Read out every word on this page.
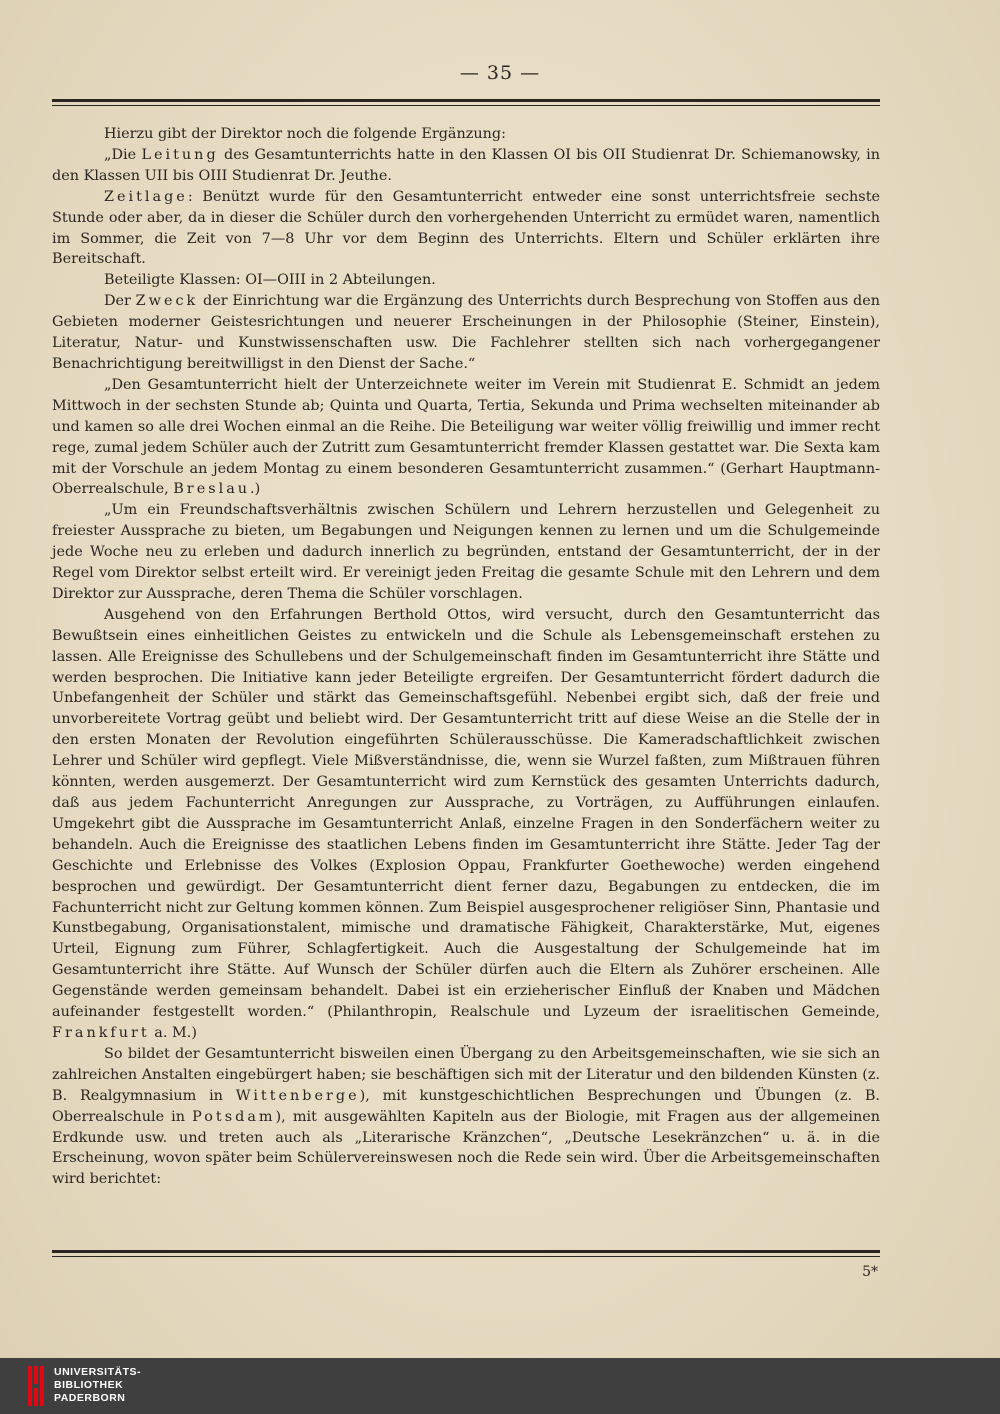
— 35 —

Hierzu gibt der Direktor noch die folgende Ergänzung:

„Die Leitung des Gesamtunterrichts hatte in den Klassen OI bis OII Studienrat Dr. Schiemanowsky, in den Klassen UII bis OIII Studienrat Dr. Jeuthe.

Zeitlage: Benützt wurde für den Gesamtunterricht entweder eine sonst unterrichtsfreie sechste Stunde oder aber, da in dieser die Schüler durch den vorhergehenden Unterricht zu ermüdet waren, namentlich im Sommer, die Zeit von 7—8 Uhr vor dem Beginn des Unterrichts. Eltern und Schüler erklärten ihre Bereitschaft.

Beteiligte Klassen: OI—OIII in 2 Abteilungen.

Der Zweck der Einrichtung war die Ergänzung des Unterrichts durch Besprechung von Stoffen aus den Gebieten moderner Geistesrichtungen und neuerer Erscheinungen in der Philosophie (Steiner, Einstein), Literatur, Natur- und Kunstwissenschaften usw. Die Fachlehrer stellten sich nach vorhergegangener Benachrichtigung bereitwilligst in den Dienst der Sache.“

„Den Gesamtunterricht hielt der Unterzeichnete weiter im Verein mit Studienrat E. Schmidt an jedem Mittwoch in der sechsten Stunde ab; Quinta und Quarta, Tertia, Sekunda und Prima wechselten miteinander ab und kamen so alle drei Wochen einmal an die Reihe. Die Beteiligung war weiter völlig freiwillig und immer recht rege, zumal jedem Schüler auch der Zutritt zum Gesamtunterricht fremder Klassen gestattet war. Die Sexta kam mit der Vorschule an jedem Montag zu einem besonderen Gesamtunterricht zusammen.“ (Gerhart Hauptmann-Oberrealschule, Breslau.)

„Um ein Freundschaftsverhältnis zwischen Schülern und Lehrern herzustellen und Gelegenheit zu freiester Aussprache zu bieten, um Begabungen und Neigungen kennen zu lernen und um die Schulgemeinde jede Woche neu zu erleben und dadurch innerlich zu begründen, entstand der Gesamtunterricht, der in der Regel vom Direktor selbst erteilt wird. Er vereinigt jeden Freitag die gesamte Schule mit den Lehrern und dem Direktor zur Aussprache, deren Thema die Schüler vorschlagen.

Ausgehend von den Erfahrungen Berthold Ottos, wird versucht, durch den Gesamtunterricht das Bewußtsein eines einheitlichen Geistes zu entwickeln und die Schule als Lebensgemeinschaft erstehen zu lassen. Alle Ereignisse des Schullebens und der Schulgemeinschaft finden im Gesamtunterricht ihre Stätte und werden besprochen. Die Initiative kann jeder Beteiligte ergreifen. Der Gesamtunterricht fördert dadurch die Unbefangenheit der Schüler und stärkt das Gemeinschaftsgefühl. Nebenbei ergibt sich, daß der freie und unvorbereitete Vortrag geübt und beliebt wird. Der Gesamtunterricht tritt auf diese Weise an die Stelle der in den ersten Monaten der Revolution eingeführten Schülerausschüsse. Die Kameradschaftlichkeit zwischen Lehrer und Schüler wird gepflegt. Viele Mißverständnisse, die, wenn sie Wurzel faßten, zum Mißtrauen führen könnten, werden ausgemerzt. Der Gesamtunterricht wird zum Kernstück des gesamten Unterrichts dadurch, daß aus jedem Fachunterricht Anregungen zur Aussprache, zu Vorträgen, zu Aufführungen einlaufen. Umgekehrt gibt die Aussprache im Gesamtunterricht Anlaß, einzelne Fragen in den Sonderfächern weiter zu behandeln. Auch die Ereignisse des staatlichen Lebens finden im Gesamtunterricht ihre Stätte. Jeder Tag der Geschichte und Erlebnisse des Volkes (Explosion Oppau, Frankfurter Goethewoche) werden eingehend besprochen und gewürdigt. Der Gesamtunterricht dient ferner dazu, Begabungen zu entdecken, die im Fachunterricht nicht zur Geltung kommen können. Zum Beispiel ausgesprochener religiöser Sinn, Phantasie und Kunstbegabung, Organisationstalent, mimische und dramatische Fähigkeit, Charakterstärke, Mut, eigenes Urteil, Eignung zum Führer, Schlagfertigkeit. Auch die Ausgestaltung der Schulgemeinde hat im Gesamtunterricht ihre Stätte. Auf Wunsch der Schüler dürfen auch die Eltern als Zuhörer erscheinen. Alle Gegenstände werden gemeinsam behandelt. Dabei ist ein erzieherischer Einfluß der Knaben und Mädchen aufeinander festgestellt worden.“ (Philanthropin, Realschule und Lyzeum der israelitischen Gemeinde, Frankfurt a. M.)

So bildet der Gesamtunterricht bisweilen einen Übergang zu den Arbeitsgemeinschaften, wie sie sich an zahlreichen Anstalten eingebürgert haben; sie beschäftigen sich mit der Literatur und den bildenden Künsten (z. B. Realgymnasium in Wittenberge), mit kunstgeschichtlichen Besprechungen und Übungen (z. B. Oberrealschule in Potsdam), mit ausgewählten Kapiteln aus der Biologie, mit Fragen aus der allgemeinen Erdkunde usw. und treten auch als „Literarische Kränzchen“, „Deutsche Lesekränzchen“ u. ä. in die Erscheinung, wovon später beim Schülervereinswesen noch die Rede sein wird. Über die Arbeitsgemeinschaften wird berichtet:

5*
UNIVERSITÄTS-
BIBLIOTHEK
PADERBORN
